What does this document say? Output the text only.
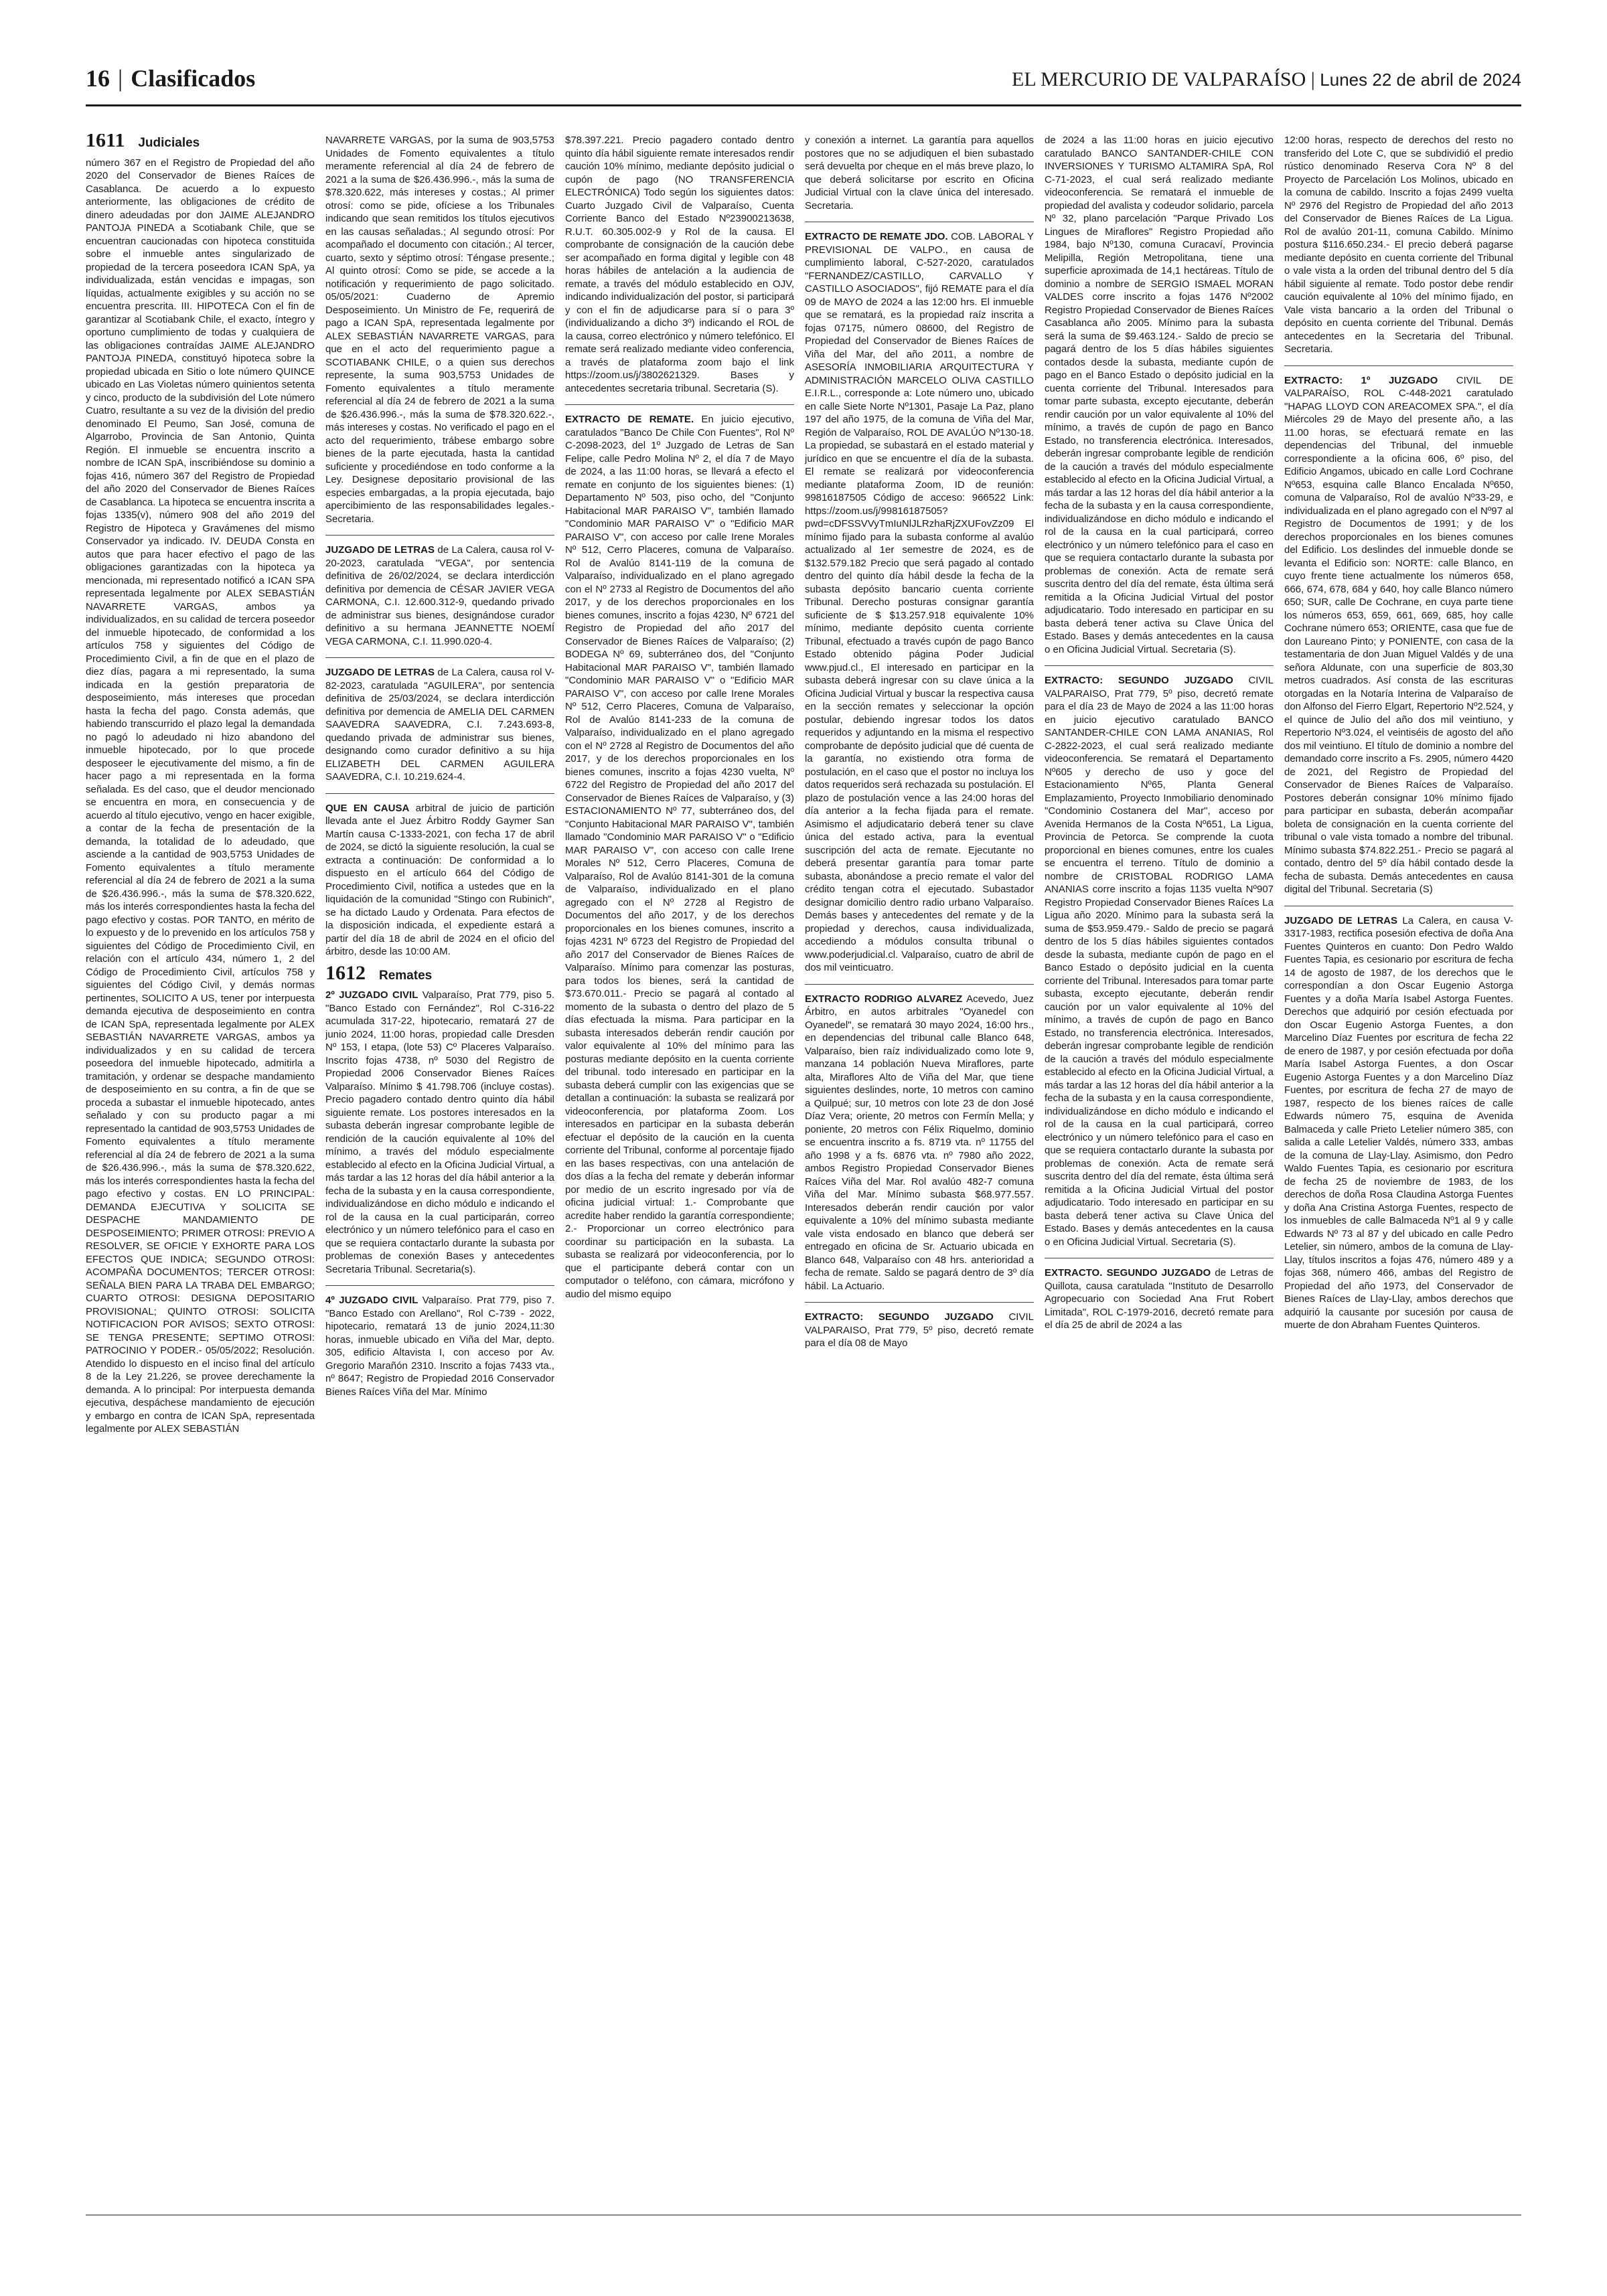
16 | Clasificados	EL MERCURIO DE VALPARAÍSO | Lunes 22 de abril de 2024
1611 Judiciales

número 367 en el Registro de Propiedad del año 2020 del Conservador de Bienes Raíces de Casablanca. De acuerdo a lo expuesto anteriormente, las obligaciones de crédito de dinero adeudadas por don JAIME ALEJANDRO PANTOJA PINEDA a Scotiabank Chile, que se encuentran caucionadas con hipoteca constituida sobre el inmueble antes singularizado de propiedad de la tercera poseedora ICAN SpA, ya individualizada, están vencidas e impagas, son líquidas, actualmente exigibles y su acción no se encuentra prescrita. III. HIPOTECA Con el fin de garantizar al Scotiabank Chile, el exacto, íntegro y oportuno cumplimiento de todas y cualquiera de las obligaciones contraídas JAIME ALEJANDRO PANTOJA PINEDA, constituyó hipoteca sobre la propiedad ubicada en Sitio o lote número QUINCE ubicado en Las Violetas número quinientos setenta y cinco, producto de la subdivisión del Lote número Cuatro, resultante a su vez de la división del predio denominado El Peumo, San José, comuna de Algarrobo, Provincia de San Antonio, Quinta Región. El inmueble se encuentra inscrito a nombre de ICAN SpA, inscribiéndose su dominio a fojas 416, número 367 del Registro de Propiedad del año 2020 del Conservador de Bienes Raíces de Casablanca. La hipoteca se encuentra inscrita a fojas 1335(v), número 908 del año 2019 del Registro de Hipoteca y Gravámenes del mismo Conservador ya indicado. IV. DEUDA Consta en autos que para hacer efectivo el pago de las obligaciones garantizadas con la hipoteca ya mencionada, mi representado notificó a ICAN SPA representada legalmente por ALEX SEBASTIÁN NAVARRETE VARGAS, ambos ya individualizados, en su calidad de tercera poseedor del inmueble hipotecado, de conformidad a los artículos 758 y siguientes del Código de Procedimiento Civil, a fin de que en el plazo de diez días, pagara a mi representado, la suma indicada en la gestión preparatoria de desposeimiento, más intereses que procedan hasta la fecha del pago. Consta además, que habiendo transcurrido el plazo legal la demandada no pagó lo adeudado ni hizo abandono del inmueble hipotecado, por lo que procede desposeer le ejecutivamente del mismo, a fin de hacer pago a mi representada en la forma señalada. Es del caso, que el deudor mencionado se encuentra en mora, en consecuencia y de acuerdo al título ejecutivo, vengo en hacer exigible, a contar de la fecha de presentación de la demanda, la totalidad de lo adeudado, que asciende a la cantidad de 903,5753 Unidades de Fomento equivalentes a título meramente referencial al día 24 de febrero de 2021 a la suma de $26.436.996.-, más la suma de $78.320.622, más los interés correspondientes hasta la fecha del pago efectivo y costas. POR TANTO, en mérito de lo expuesto y de lo prevenido en los artículos 758 y siguientes del Código de Procedimiento Civil, en relación con el artículo 434, número 1, 2 del Código de Procedimiento Civil, artículos 758 y siguientes del Código Civil, y demás normas pertinentes, SOLICITO A US, tener por interpuesta demanda ejecutiva de desposeimiento en contra de ICAN SpA, representada legalmente por ALEX SEBASTIÁN NAVARRETE VARGAS, ambos ya individualizados y en su calidad de tercera poseedora del inmueble hipotecado, admitirla a tramitación, y ordenar se despache mandamiento de desposeimiento en su contra, a fin de que se proceda a subastar el inmueble hipotecado, antes señalado y con su producto pagar a mi representado la cantidad de 903,5753 Unidades de Fomento equivalentes a título meramente referencial al día 24 de febrero de 2021 a la suma de $26.436.996.-, más la suma de $78.320.622, más los interés correspondientes hasta la fecha del pago efectivo y costas. EN LO PRINCIPAL: DEMANDA EJECUTIVA Y SOLICITA SE DESPACHE MANDAMIENTO DE DESPOSEIMIENTO; PRIMER OTROSI: PREVIO A RESOLVER, SE OFICIE Y EXHORTE PARA LOS EFECTOS QUE INDICA; SEGUNDO OTROSI: ACOMPAÑA DOCUMENTOS; TERCER OTROSI: SEÑALA BIEN PARA LA TRABA DEL EMBARGO; CUARTO OTROSI: DESIGNA DEPOSITARIO PROVISIONAL; QUINTO OTROSI: SOLICITA NOTIFICACION POR AVISOS; SEXTO OTROSI: SE TENGA PRESENTE; SEPTIMO OTROSI: PATROCINIO Y PODER.- 05/05/2022; Resolución. Atendido lo dispuesto en el inciso final del artículo 8 de la Ley 21.226, se provee derechamente la demanda. A lo principal: Por interpuesta demanda ejecutiva, despáchese mandamiento de ejecución y embargo en contra de ICAN SpA, representada legalmente por ALEX SEBASTIÁN

NAVARRETE VARGAS, por la suma de 903,5753 Unidades de Fomento equivalentes a título meramente referencial al día 24 de febrero de 2021 a la suma de $26.436.996.-, más la suma de $78.320.622, más intereses y costas.; Al primer otrosí: como se pide, ofíciese a los Tribunales indicando que sean remitidos los títulos ejecutivos en las causas señaladas.; Al segundo otrosí: Por acompañado el documento con citación.; Al tercer, cuarto, sexto y séptimo otrosí: Téngase presente.; Al quinto otrosí: Como se pide, se accede a la notificación y requerimiento de pago solicitado. 05/05/2021: Cuaderno de Apremio Desposeimiento. Un Ministro de Fe, requerirá de pago a ICAN SpA, representada legalmente por ALEX SEBASTIÁN NAVARRETE VARGAS, para que en el acto del requerimiento pague a SCOTIABANK CHILE, o a quien sus derechos represente, la suma 903,5753 Unidades de Fomento equivalentes a título meramente referencial al día 24 de febrero de 2021 a la suma de $26.436.996.-, más la suma de $78.320.622.-, más intereses y costas. No verificado el pago en el acto del requerimiento, trábese embargo sobre bienes de la parte ejecutada, hasta la cantidad suficiente y procediéndose en todo conforme a la Ley. Designese depositario provisional de las especies embargadas, a la propia ejecutada, bajo apercibimiento de las responsabilidades legales.- Secretaria.

JUZGADO DE LETRAS de La Calera, causa rol V-20-2023, caratulada "VEGA", por sentencia definitiva de 26/02/2024, se declara interdicción definitiva por demencia de CÉSAR JAVIER VEGA CARMONA, C.I. 12.600.312-9, quedando privado de administrar sus bienes, designándose curador definitivo a su hermana JEANNETTE NOEMÍ VEGA CARMONA, C.I. 11.990.020-4.

JUZGADO DE LETRAS de La Calera, causa rol V-82-2023, caratulada "AGUILERA", por sentencia definitiva de 25/03/2024, se declara interdicción definitiva por demencia de AMELIA DEL CARMEN SAAVEDRA SAAVEDRA, C.I. 7.243.693-8, quedando privada de administrar sus bienes, designando como curador definitivo a su hija ELIZABETH DEL CARMEN AGUILERA SAAVEDRA, C.I. 10.219.624-4.

QUE EN CAUSA arbitral de juicio de partición llevada ante el Juez Árbitro Roddy Gaymer San Martín causa C-1333-2021, con fecha 17 de abril de 2024, se dictó la siguiente resolución, la cual se extracta a continuación: De conformidad a lo dispuesto en el artículo 664 del Código de Procedimiento Civil, notifica a ustedes que en la liquidación de la comunidad "Stingo con Rubinich", se ha dictado Laudo y Ordenata. Para efectos de la disposición indicada, el expediente estará a partir del día 18 de abril de 2024 en el oficio del árbitro, desde las 10:00 AM.

1612 Remates

2º JUZGADO CIVIL Valparaíso, Prat 779, piso 5. "Banco Estado con Fernández", Rol C-316-22 acumulada 317-22, hipotecario, rematará 27 de junio 2024, 11:00 horas, propiedad calle Dresden Nº 153, I etapa, (lote 53) Cº Placeres Valparaíso. Inscrito fojas 4738, nº 5030 del Registro de Propiedad 2006 Conservador Bienes Raíces Valparaíso. Mínimo $ 41.798.706 (incluye costas). Precio pagadero contado dentro quinto día hábil siguiente remate. Los postores interesados en la subasta deberán ingresar comprobante legible de rendición de la caución equivalente al 10% del mínimo, a través del módulo especialmente establecido al efecto en la Oficina Judicial Virtual, a más tardar a las 12 horas del día hábil anterior a la fecha de la subasta y en la causa correspondiente, individualizándose en dicho módulo e indicando el rol de la causa en la cual participarán, correo electrónico y un número telefónico para el caso en que se requiera contactarlo durante la subasta por problemas de conexión Bases y antecedentes Secretaria Tribunal. Secretaria(s).

4º JUZGADO CIVIL Valparaíso. Prat 779, piso 7. "Banco Estado con Arellano", Rol C-739 - 2022, hipotecario, rematará 13 de junio 2024,11:30 horas, inmueble ubicado en Viña del Mar, depto. 305, edificio Altavista I, con acceso por Av. Gregorio Marañón 2310. Inscrito a fojas 7433 vta., nº 8647; Registro de Propiedad 2016 Conservador Bienes Raíces Viña del Mar. Mínimo

$78.397.221. Precio pagadero contado dentro quinto día hábil siguiente remate interesados rendir caución 10% mínimo, mediante depósito judicial o cupón de pago (NO TRANSFERENCIA ELECTRÓNICA) Todo según los siguientes datos: Cuarto Juzgado Civil de Valparaíso, Cuenta Corriente Banco del Estado Nº23900213638, R.U.T. 60.305.002-9 y Rol de la causa. El comprobante de consignación de la caución debe ser acompañado en forma digital y legible con 48 horas hábiles de antelación a la audiencia de remate, a través del módulo establecido en OJV, indicando individualización del postor, si participará y con el fin de adjudicarse para sí o para 3º (individualizando a dicho 3º) indicando el ROL de la causa, correo electrónico y número telefónico. El remate será realizado mediante video conferencia, a través de plataforma zoom bajo el link https://zoom.us/j/3802621329. Bases y antecedentes secretaria tribunal. Secretaria (S).

EXTRACTO DE REMATE. En juicio ejecutivo, caratulados "Banco De Chile Con Fuentes", Rol Nº C-2098-2023, del 1º Juzgado de Letras de San Felipe, calle Pedro Molina Nº 2, el día 7 de Mayo de 2024, a las 11:00 horas, se llevará a efecto el remate en conjunto de los siguientes bienes: (1) Departamento Nº 503, piso ocho, del "Conjunto Habitacional MAR PARAISO V", también llamado "Condominio MAR PARAISO V" o "Edificio MAR PARAISO V", con acceso por calle Irene Morales Nº 512, Cerro Placeres, comuna de Valparaíso. Rol de Avalúo 8141-119 de la comuna de Valparaíso, individualizado en el plano agregado con el Nº 2733 al Registro de Documentos del año 2017, y de los derechos proporcionales en los bienes comunes, inscrito a fojas 4230, Nº 6721 del Registro de Propiedad del año 2017 del Conservador de Bienes Raíces de Valparaíso; (2) BODEGA Nº 69, subterráneo dos, del "Conjunto Habitacional MAR PARAISO V", también llamado "Condominio MAR PARAISO V" o "Edificio MAR PARAISO V", con acceso por calle Irene Morales Nº 512, Cerro Placeres, Comuna de Valparaíso, Rol de Avalúo 8141-233 de la comuna de Valparaíso, individualizado en el plano agregado con el Nº 2728 al Registro de Documentos del año 2017, y de los derechos proporcionales en los bienes comunes, inscrito a fojas 4230 vuelta, Nº 6722 del Registro de Propiedad del año 2017 del Conservador de Bienes Raíces de Valparaíso, y (3) ESTACIONAMIENTO Nº 77, subterráneo dos, del "Conjunto Habitacional MAR PARAISO V", también llamado "Condominio MAR PARAISO V" o "Edificio MAR PARAISO V", con acceso con calle Irene Morales Nº 512, Cerro Placeres, Comuna de Valparaíso, Rol de Avalúo 8141-301 de la comuna de Valparaíso, individualizado en el plano agregado con el Nº 2728 al Registro de Documentos del año 2017, y de los derechos proporcionales en los bienes comunes, inscrito a fojas 4231 Nº 6723 del Registro de Propiedad del año 2017 del Conservador de Bienes Raíces de Valparaíso. Mínimo para comenzar las posturas, para todos los bienes, será la cantidad de $73.670.011.- Precio se pagará al contado al momento de la subasta o dentro del plazo de 5 días efectuada la misma. Para participar en la subasta interesados deberán rendir caución por valor equivalente al 10% del mínimo para las posturas mediante depósito en la cuenta corriente del tribunal. todo interesado en participar en la subasta deberá cumplir con las exigencias que se detallan a continuación: la subasta se realizará por videoconferencia, por plataforma Zoom. Los interesados en participar en la subasta deberán efectuar el depósito de la caución en la cuenta corriente del Tribunal, conforme al porcentaje fijado en las bases respectivas, con una antelación de dos días a la fecha del remate y deberán informar por medio de un escrito ingresado por vía de oficina judicial virtual: 1.- Comprobante que acredite haber rendido la garantía correspondiente; 2.- Proporcionar un correo electrónico para coordinar su participación en la subasta. La subasta se realizará por videoconferencia, por lo que el participante deberá contar con un computador o teléfono, con cámara, micrófono y audio del mismo equipo

y conexión a internet. La garantía para aquellos postores que no se adjudiquen el bien subastado será devuelta por cheque en el más breve plazo, lo que deberá solicitarse por escrito en Oficina Judicial Virtual con la clave única del interesado. Secretaria.

EXTRACTO DE REMATE JDO. COB. LABORAL Y PREVISIONAL DE VALPO., en causa de cumplimiento laboral, C-527-2020, caratulados "FERNANDEZ/CASTILLO, CARVALLO Y CASTILLO ASOCIADOS", fijó REMATE para el día 09 de MAYO de 2024 a las 12:00 hrs. El inmueble que se rematará, es la propiedad raíz inscrita a fojas 07175, número 08600, del Registro de Propiedad del Conservador de Bienes Raíces de Viña del Mar, del año 2011, a nombre de ASESORÍA INMOBILIARIA ARQUITECTURA Y ADMINISTRACIÓN MARCELO OLIVA CASTILLO E.I.R.L., corresponde a: Lote número uno, ubicado en calle Siete Norte Nº1301, Pasaje La Paz, plano 197 del año 1975, de la comuna de Viña del Mar, Región de Valparaíso, ROL DE AVALÚO Nº130-18. La propiedad, se subastará en el estado material y jurídico en que se encuentre el día de la subasta. El remate se realizará por videoconferencia mediante plataforma Zoom, ID de reunión: 99816187505 Código de acceso: 966522 Link: https://zoom.us/j/99816187505?pwd=cDFSSVVyTmIuNlJLRzhaRjZXUFovZz09 El mínimo fijado para la subasta conforme al avalúo actualizado al 1er semestre de 2024, es de $132.579.182 Precio que será pagado al contado dentro del quinto día hábil desde la fecha de la subasta depósito bancario cuenta corriente Tribunal. Derecho posturas consignar garantía suficiente de $ $13.257.918 equivalente 10% mínimo, mediante depósito cuenta corriente Tribunal, efectuado a través cupón de pago Banco Estado obtenido página Poder Judicial www.pjud.cl., El interesado en participar en la subasta deberá ingresar con su clave única a la Oficina Judicial Virtual y buscar la respectiva causa en la sección remates y seleccionar la opción postular, debiendo ingresar todos los datos requeridos y adjuntando en la misma el respectivo comprobante de depósito judicial que dé cuenta de la garantía, no existiendo otra forma de postulación, en el caso que el postor no incluya los datos requeridos será rechazada su postulación. El plazo de postulación vence a las 24:00 horas del día anterior a la fecha fijada para el remate. Asimismo el adjudicatario deberá tener su clave única del estado activa, para la eventual suscripción del acta de remate. Ejecutante no deberá presentar garantía para tomar parte subasta, abonándose a precio remate el valor del crédito tengan cotra el ejecutado. Subastador designar domicilio dentro radio urbano Valparaíso. Demás bases y antecedentes del remate y de la propiedad y derechos, causa individualizada, accediendo a módulos consulta tribunal o www.poderjudicial.cl. Valparaíso, cuatro de abril de dos mil veinticuatro.

EXTRACTO RODRIGO ALVAREZ Acevedo, Juez Árbitro, en autos arbitrales "Oyanedel con Oyanedel", se rematará 30 mayo 2024, 16:00 hrs., en dependencias del tribunal calle Blanco 648, Valparaíso, bien raíz individualizado como lote 9, manzana 14 población Nueva Miraflores, parte alta, Miraflores Alto de Viña del Mar, que tiene siguientes deslindes, norte, 10 metros con camino a Quilpué; sur, 10 metros con lote 23 de don José Díaz Vera; oriente, 20 metros con Fermín Mella; y poniente, 20 metros con Félix Riquelmo, dominio se encuentra inscrito a fs. 8719 vta. nº 11755 del año 1998 y a fs. 6876 vta. nº 7980 año 2022, ambos Registro Propiedad Conservador Bienes Raíces Viña del Mar. Rol avalúo 482-7 comuna Viña del Mar. Mínimo subasta $68.977.557. Interesados deberán rendir caución por valor equivalente a 10% del mínimo subasta mediante vale vista endosado en blanco que deberá ser entregado en oficina de Sr. Actuario ubicada en Blanco 648, Valparaíso con 48 hrs. anterioridad a fecha de remate. Saldo se pagará dentro de 3º día hábil. La Actuario.

EXTRACTO: SEGUNDO JUZGADO CIVIL VALPARAISO, Prat 779, 5º piso, decretó remate para el día 08 de Mayo

de 2024 a las 11:00 horas en juicio ejecutivo caratulado BANCO SANTANDER-CHILE CON INVERSIONES Y TURISMO ALTAMIRA SpA, Rol C-71-2023, el cual será realizado mediante videoconferencia. Se rematará el inmueble de propiedad del avalista y codeudor solidario, parcela Nº 32, plano parcelación "Parque Privado Los Lingues de Miraflores" Registro Propiedad año 1984, bajo Nº130, comuna Curacaví, Provincia Melipilla, Región Metropolitana, tiene una superficie aproximada de 14,1 hectáreas. Título de dominio a nombre de SERGIO ISMAEL MORAN VALDES corre inscrito a fojas 1476 Nº2002 Registro Propiedad Conservador de Bienes Raíces Casablanca año 2005. Mínimo para la subasta será la suma de $9.463.124.- Saldo de precio se pagará dentro de los 5 días hábiles siguientes contados desde la subasta, mediante cupón de pago en el Banco Estado o depósito judicial en la cuenta corriente del Tribunal. Interesados para tomar parte subasta, excepto ejecutante, deberán rendir caución por un valor equivalente al 10% del mínimo, a través de cupón de pago en Banco Estado, no transferencia electrónica. Interesados, deberán ingresar comprobante legible de rendición de la caución a través del módulo especialmente establecido al efecto en la Oficina Judicial Virtual, a más tardar a las 12 horas del día hábil anterior a la fecha de la subasta y en la causa correspondiente, individualizándose en dicho módulo e indicando el rol de la causa en la cual participará, correo electrónico y un número telefónico para el caso en que se requiera contactarlo durante la subasta por problemas de conexión. Acta de remate será suscrita dentro del día del remate, ésta última será remitida a la Oficina Judicial Virtual del postor adjudicatario. Todo interesado en participar en su basta deberá tener activa su Clave Única del Estado. Bases y demás antecedentes en la causa o en Oficina Judicial Virtual. Secretaria (S).

EXTRACTO: SEGUNDO JUZGADO CIVIL VALPARAISO, Prat 779, 5º piso, decretó remate para el día 23 de Mayo de 2024 a las 11:00 horas en juicio ejecutivo caratulado BANCO SANTANDER-CHILE CON LAMA ANANIAS, Rol C-2822-2023, el cual será realizado mediante videoconferencia. Se rematará el Departamento Nº605 y derecho de uso y goce del Estacionamiento Nº65, Planta General Emplazamiento, Proyecto Inmobiliario denominado "Condominio Costanera del Mar", acceso por Avenida Hermanos de la Costa Nº651, La Ligua, Provincia de Petorca. Se comprende la cuota proporcional en bienes comunes, entre los cuales se encuentra el terreno. Título de dominio a nombre de CRISTOBAL RODRIGO LAMA ANANIAS corre inscrito a fojas 1135 vuelta Nº907 Registro Propiedad Conservador Bienes Raíces La Ligua año 2020. Mínimo para la subasta será la suma de $53.959.479.- Saldo de precio se pagará dentro de los 5 días hábiles siguientes contados desde la subasta, mediante cupón de pago en el Banco Estado o depósito judicial en la cuenta corriente del Tribunal. Interesados para tomar parte subasta, excepto ejecutante, deberán rendir caución por un valor equivalente al 10% del mínimo, a través de cupón de pago en Banco Estado, no transferencia electrónica. Interesados, deberán ingresar comprobante legible de rendición de la caución a través del módulo especialmente establecido al efecto en la Oficina Judicial Virtual, a más tardar a las 12 horas del día hábil anterior a la fecha de la subasta y en la causa correspondiente, individualizándose en dicho módulo e indicando el rol de la causa en la cual participará, correo electrónico y un número telefónico para el caso en que se requiera contactarlo durante la subasta por problemas de conexión. Acta de remate será suscrita dentro del día del remate, ésta última será remitida a la Oficina Judicial Virtual del postor adjudicatario. Todo interesado en participar en su basta deberá tener activa su Clave Única del Estado. Bases y demás antecedentes en la causa o en Oficina Judicial Virtual. Secretaria (S).

EXTRACTO. SEGUNDO JUZGADO de Letras de Quillota, causa caratulada "Instituto de Desarrollo Agropecuario con Sociedad Ana Frut Robert Limitada", ROL C-1979-2016, decretó remate para el día 25 de abril de 2024 a las

12:00 horas, respecto de derechos del resto no transferido del Lote C, que se subdividió el predio rústico denominado Reserva Cora Nº 8 del Proyecto de Parcelación Los Molinos, ubicado en la comuna de cabildo. Inscrito a fojas 2499 vuelta Nº 2976 del Registro de Propiedad del año 2013 del Conservador de Bienes Raíces de La Ligua. Rol de avalúo 201-11, comuna Cabildo. Mínimo postura $116.650.234.- El precio deberá pagarse mediante depósito en cuenta corriente del Tribunal o vale vista a la orden del tribunal dentro del 5 día hábil siguiente al remate. Todo postor debe rendir caución equivalente al 10% del mínimo fijado, en Vale vista bancario a la orden del Tribunal o depósito en cuenta corriente del Tribunal. Demás antecedentes en la Secretaria del Tribunal. Secretaria.

EXTRACTO: 1º JUZGADO CIVIL DE VALPARAÍSO, ROL C-448-2021 caratulado "HAPAG LLOYD CON AREACOMEX SPA.", el día Miércoles 29 de Mayo del presente año, a las 11.00 horas, se efectuará remate en las dependencias del Tribunal, del inmueble correspondiente a la oficina 606, 6º piso, del Edificio Angamos, ubicado en calle Lord Cochrane Nº653, esquina calle Blanco Encalada Nº650, comuna de Valparaíso, Rol de avalúo Nº33-29, e individualizada en el plano agregado con el Nº97 al Registro de Documentos de 1991; y de los derechos proporcionales en los bienes comunes del Edificio. Los deslindes del inmueble donde se levanta el Edificio son: NORTE: calle Blanco, en cuyo frente tiene actualmente los números 658, 666, 674, 678, 684 y 640, hoy calle Blanco número 650; SUR, calle De Cochrane, en cuya parte tiene los números 653, 659, 661, 669, 685, hoy calle Cochrane número 653; ORIENTE, casa que fue de don Laureano Pinto; y PONIENTE, con casa de la testamentaria de don Juan Miguel Valdés y de una señora Aldunate, con una superficie de 803,30 metros cuadrados. Así consta de las escrituras otorgadas en la Notaría Interina de Valparaíso de don Alfonso del Fierro Elgart, Repertorio Nº2.524, y el quince de Julio del año dos mil veintiuno, y Repertorio Nº3.024, el veintiséis de agosto del año dos mil veintiuno. El título de dominio a nombre del demandado corre inscrito a Fs. 2905, número 4420 de 2021, del Registro de Propiedad del Conservador de Bienes Raíces de Valparaíso. Postores deberán consignar 10% mínimo fijado para participar en subasta, deberán acompañar boleta de consignación en la cuenta corriente del tribunal o vale vista tomado a nombre del tribunal. Mínimo subasta $74.822.251.- Precio se pagará al contado, dentro del 5º día hábil contado desde la fecha de subasta. Demás antecedentes en causa digital del Tribunal. Secretaria (S)

JUZGADO DE LETRAS La Calera, en causa V-3317-1983, rectifica posesión efectiva de doña Ana Fuentes Quinteros en cuanto: Don Pedro Waldo Fuentes Tapia, es cesionario por escritura de fecha 14 de agosto de 1987, de los derechos que le correspondían a don Oscar Eugenio Astorga Fuentes y a doña María Isabel Astorga Fuentes. Derechos que adquirió por cesión efectuada por don Oscar Eugenio Astorga Fuentes, a don Marcelino Díaz Fuentes por escritura de fecha 22 de enero de 1987, y por cesión efectuada por doña María Isabel Astorga Fuentes, a don Oscar Eugenio Astorga Fuentes y a don Marcelino Díaz Fuentes, por escritura de fecha 27 de mayo de 1987, respecto de los bienes raíces de calle Edwards número 75, esquina de Avenida Balmaceda y calle Prieto Letelier número 385, con salida a calle Letelier Valdés, número 333, ambas de la comuna de Llay-Llay. Asimismo, don Pedro Waldo Fuentes Tapia, es cesionario por escritura de fecha 25 de noviembre de 1983, de los derechos de doña Rosa Claudina Astorga Fuentes y doña Ana Cristina Astorga Fuentes, respecto de los inmuebles de calle Balmaceda Nº1 al 9 y calle Edwards Nº 73 al 87 y del ubicado en calle Pedro Letelier, sin número, ambos de la comuna de Llay-Llay, títulos inscritos a fojas 476, número 489 y a fojas 368, número 466, ambas del Registro de Propiedad del año 1973, del Conservador de Bienes Raíces de Llay-Llay, ambos derechos que adquirió la causante por sucesión por causa de muerte de don Abraham Fuentes Quinteros.
